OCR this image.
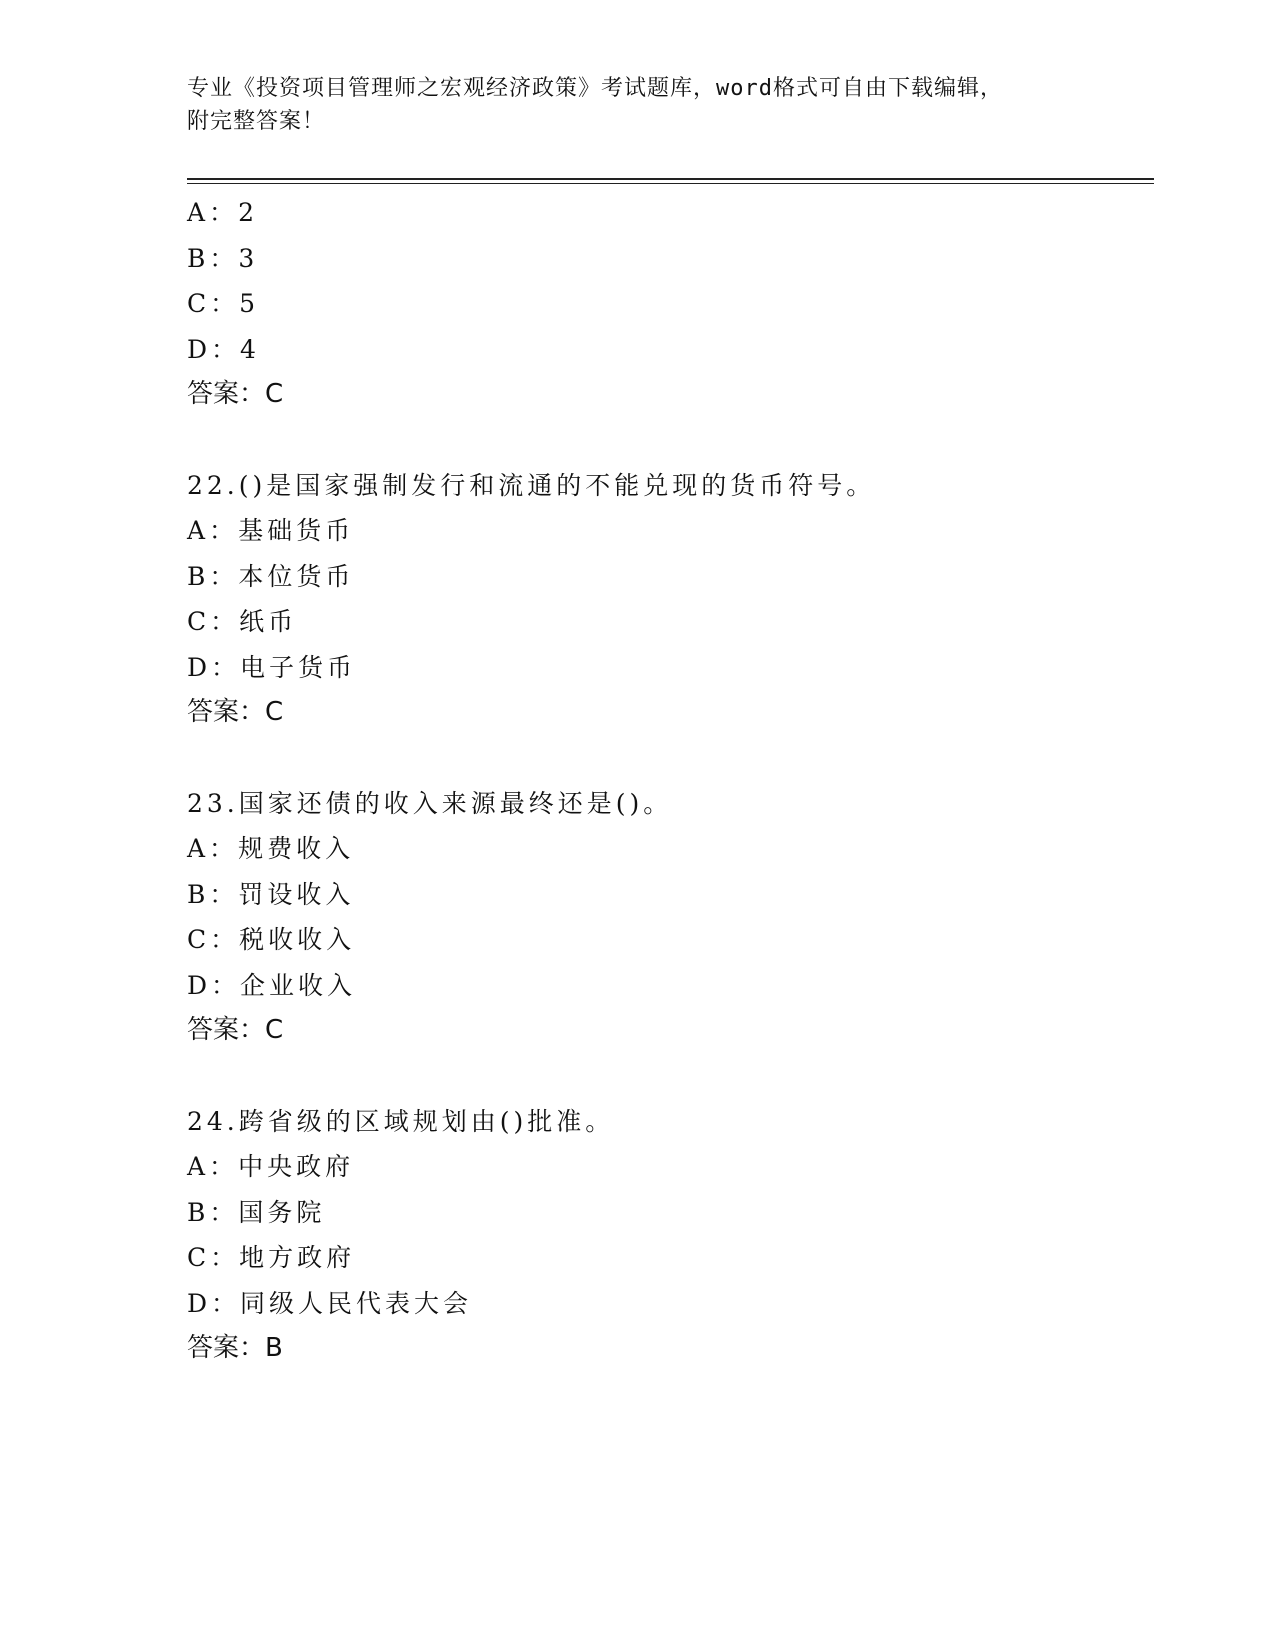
专业《投资项目管理师之宏观经济政策》考试题库，word格式可自由下载编辑，
附完整答案！
A：2
B：3
C：5
D：4
答案：C
22.()是国家强制发行和流通的不能兑现的货币符号。
A：基础货币
B：本位货币
C：纸币
D：电子货币
答案：C
23.国家还债的收入来源最终还是()。
A：规费收入
B：罚设收入
C：税收收入
D：企业收入
答案：C
24.跨省级的区域规划由()批准。
A：中央政府
B：国务院
C：地方政府
D：同级人民代表大会
答案：B
